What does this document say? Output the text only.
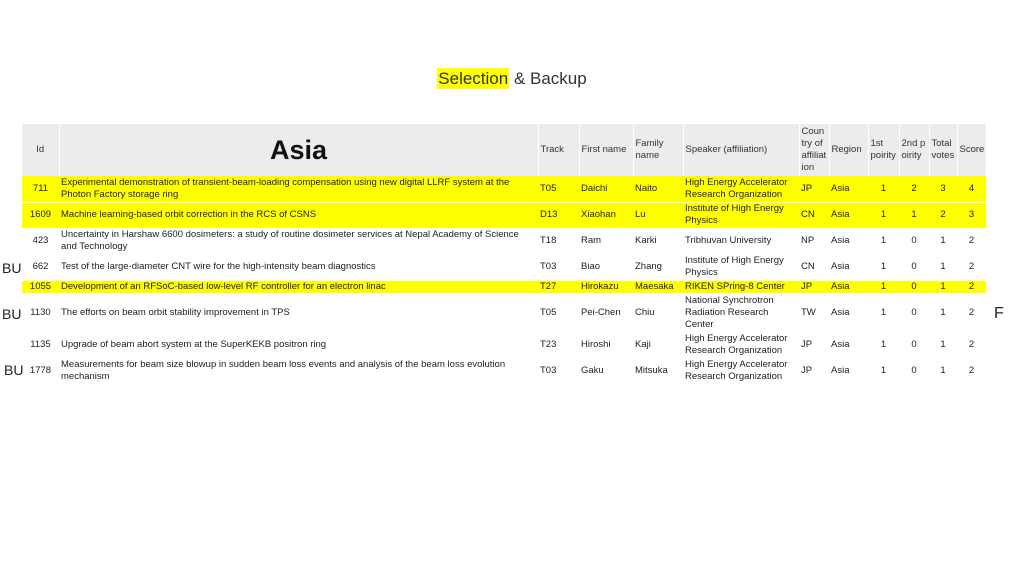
Selection & Backup
Id	Asia	Track	First name	Family name	Speaker (affiliation)	Country of affiliation	Region	1st poirity	2nd poirity	Total votes	Score
711	Experimental demonstration of transient-beam-loading compensation using new digital LLRF system at the Photon Factory storage ring	T05	Daichi	Naito	High Energy Accelerator Research Organization	JP	Asia	1	2	3	4
1609	Machine learning-based orbit correction in the RCS of CSNS	D13	Xiaohan	Lu	Institute of High Energy Physics	CN	Asia	1	1	2	3
423	Uncertainty in Harshaw 6600 dosimeters: a study of routine dosimeter services at Nepal Academy of Science and Technology	T18	Ram	Karki	Tribhuvan University	NP	Asia	1	0	1	2
662	Test of the large-diameter CNT wire for the high-intensity beam diagnostics	T03	Biao	Zhang	Institute of High Energy Physics	CN	Asia	1	0	1	2
1055	Development of an RFSoC-based low-level RF controller for an electron linac	T27	Hirokazu	Maesaka	RIKEN SPring-8 Center	JP	Asia	1	0	1	2
1130	The efforts on beam orbit stability improvement in TPS	T05	Pei-Chen	Chiu	National Synchrotron Radiation Research Center	TW	Asia	1	0	1	2
1135	Upgrade of beam abort system at the SuperKEKB positron ring	T23	Hiroshi	Kaji	High Energy Accelerator Research Organization	JP	Asia	1	0	1	2
1778	Measurements for beam size blowup in sudden beam loss events and analysis of the beam loss evolution mechanism	T03	Gaku	Mitsuka	High Energy Accelerator Research Organization	JP	Asia	1	0	1	2
BU
BU
BU
F
